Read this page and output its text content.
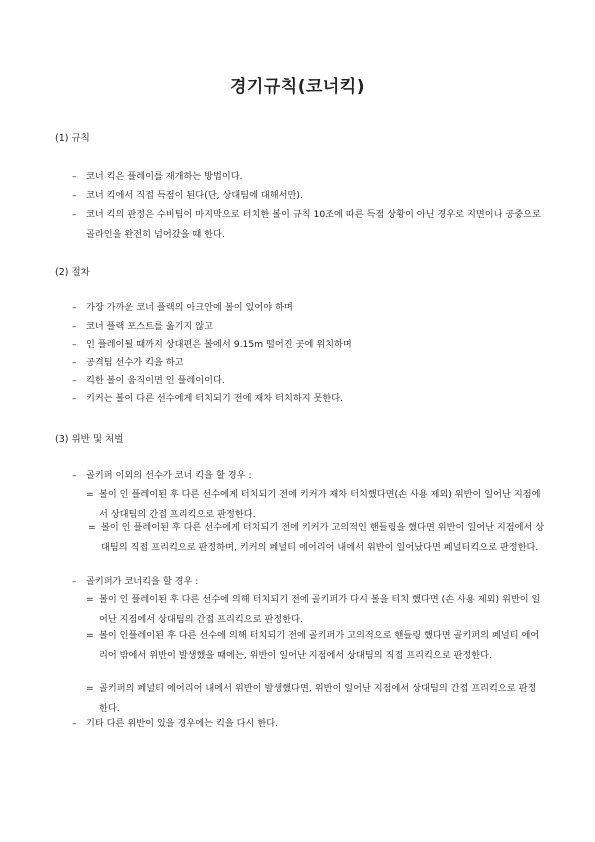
경기규칙(코너킥)
(1) 규칙
–	코너 킥은 플레이를 재개하는 방법이다.
–	코너 킥에서 직접 득점이 된다(단, 상대팀에 대해서만).
–	코너 킥의 판정은 수비팀이 마지막으로 터치한 볼이 규칙 10조에 따른 득점 상황이 아닌 경우로 지면이나 공중으로 골라인을 완전히 넘어갔을 때 한다.
(2) 절차
–	가장 가까운 코너 플랙의 아크안에 볼이 있어야 하며
–	코너 플랙 포스트를 옮기지 않고
–	인 플레이될 때까지 상대편은 볼에서 9.15m 떨어진 곳에 위치하며
–	공격팀 선수가 킥을 하고
–	킥한 볼이 움직이면 인 플레이이다.
–	키커는 볼이 다른 선수에게 터치되기 전에 재차 터치하지 못한다.
(3) 위반 및 처벌
–	골키퍼 이외의 선수가 코너 킥을 할 경우 :
= 볼이 인 플레이된 후 다른 선수에게 터치되기 전에 키커가 재차 터치했다면(손 사용 제외) 위반이 일어난 지점에서 상대팀의 간접 프리킥으로 판정한다.
= 볼이 인 플레이된 후 다른 선수에게 터치되기 전에 키커가 고의적인 핸들링을 했다면 위반이 일어난 지점에서 상대팀의 직접 프리킥으로 판정하며, 키커의 페널티 에어리어 내에서 위반이 일어났다면 페널티킥으로 판정한다.
–	골키퍼가 코너킥을 할 경우 :
= 볼이 인 플레이된 후 다른 선수에 의해 터치되기 전에 골키퍼가 다시 볼을 터치 했다면 (손 사용 제외) 위반이 일어난 지점에서 상대팀의 간접 프리킥으로 판정한다.
= 볼이 인플레이된 후 다른 선수에 의해 터치되기 전에 골키퍼가 고의적으로 핸들링 했다면 골키퍼의 페널티 에어리어 밖에서 위반이 발생했을 때에는, 위반이 일어난 지점에서 상대팀의 직접 프리킥으로 판정한다.
= 골키퍼의 페널티 에어리어 내에서 위반이 발생했다면, 위반이 일어난 지점에서 상대팀의 간접 프리킥으로 판정한다.
–	기타 다른 위반이 있을 경우에는 킥을 다시 한다.
